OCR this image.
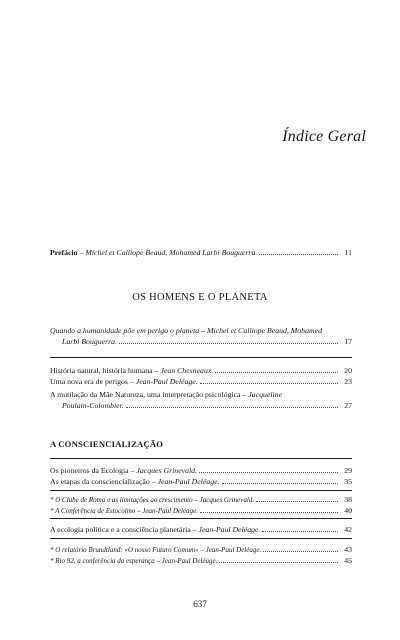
Índice Geral
Prefácio – Michel et Calliope Beaud, Mohamed Larbi Bouguerra.	11
OS HOMENS E O PLANETA
Quando a humanidade põe em perigo o planeta – Michel et Calliope Beaud, Mohamed
Larbi Bouguerra.	17
História natural, história humana – Jean Chesneaux.	20
Uma nova era de perigos – Jean-Paul Deléage.	23
A mutilação da Mãe Natureza, uma interpretação psicológica – Jacqueline
Poulain-Colombier.	27
A CONSCIENCIALIZAÇÃO
Os pioneiros da Ecologia – Jacques Grinevald.	29
As etapas da consciencialização – Jean-Paul Deléage.	35
* O Clube de Roma e as limitações ao crescimento – Jacques Grinevald.	38
* A Conferência de Estocolmo – Jean-Paul Deléage.	40
A ecologia política e a consciência planetária – Jean-Paul Deléage.	42
* O relatório Brundtland: «O nosso Futuro Comum» – Jean-Paul Deléage.	43
* Rio 92, a conferência da esperança – Jean-Paul Deléage.	45
637
